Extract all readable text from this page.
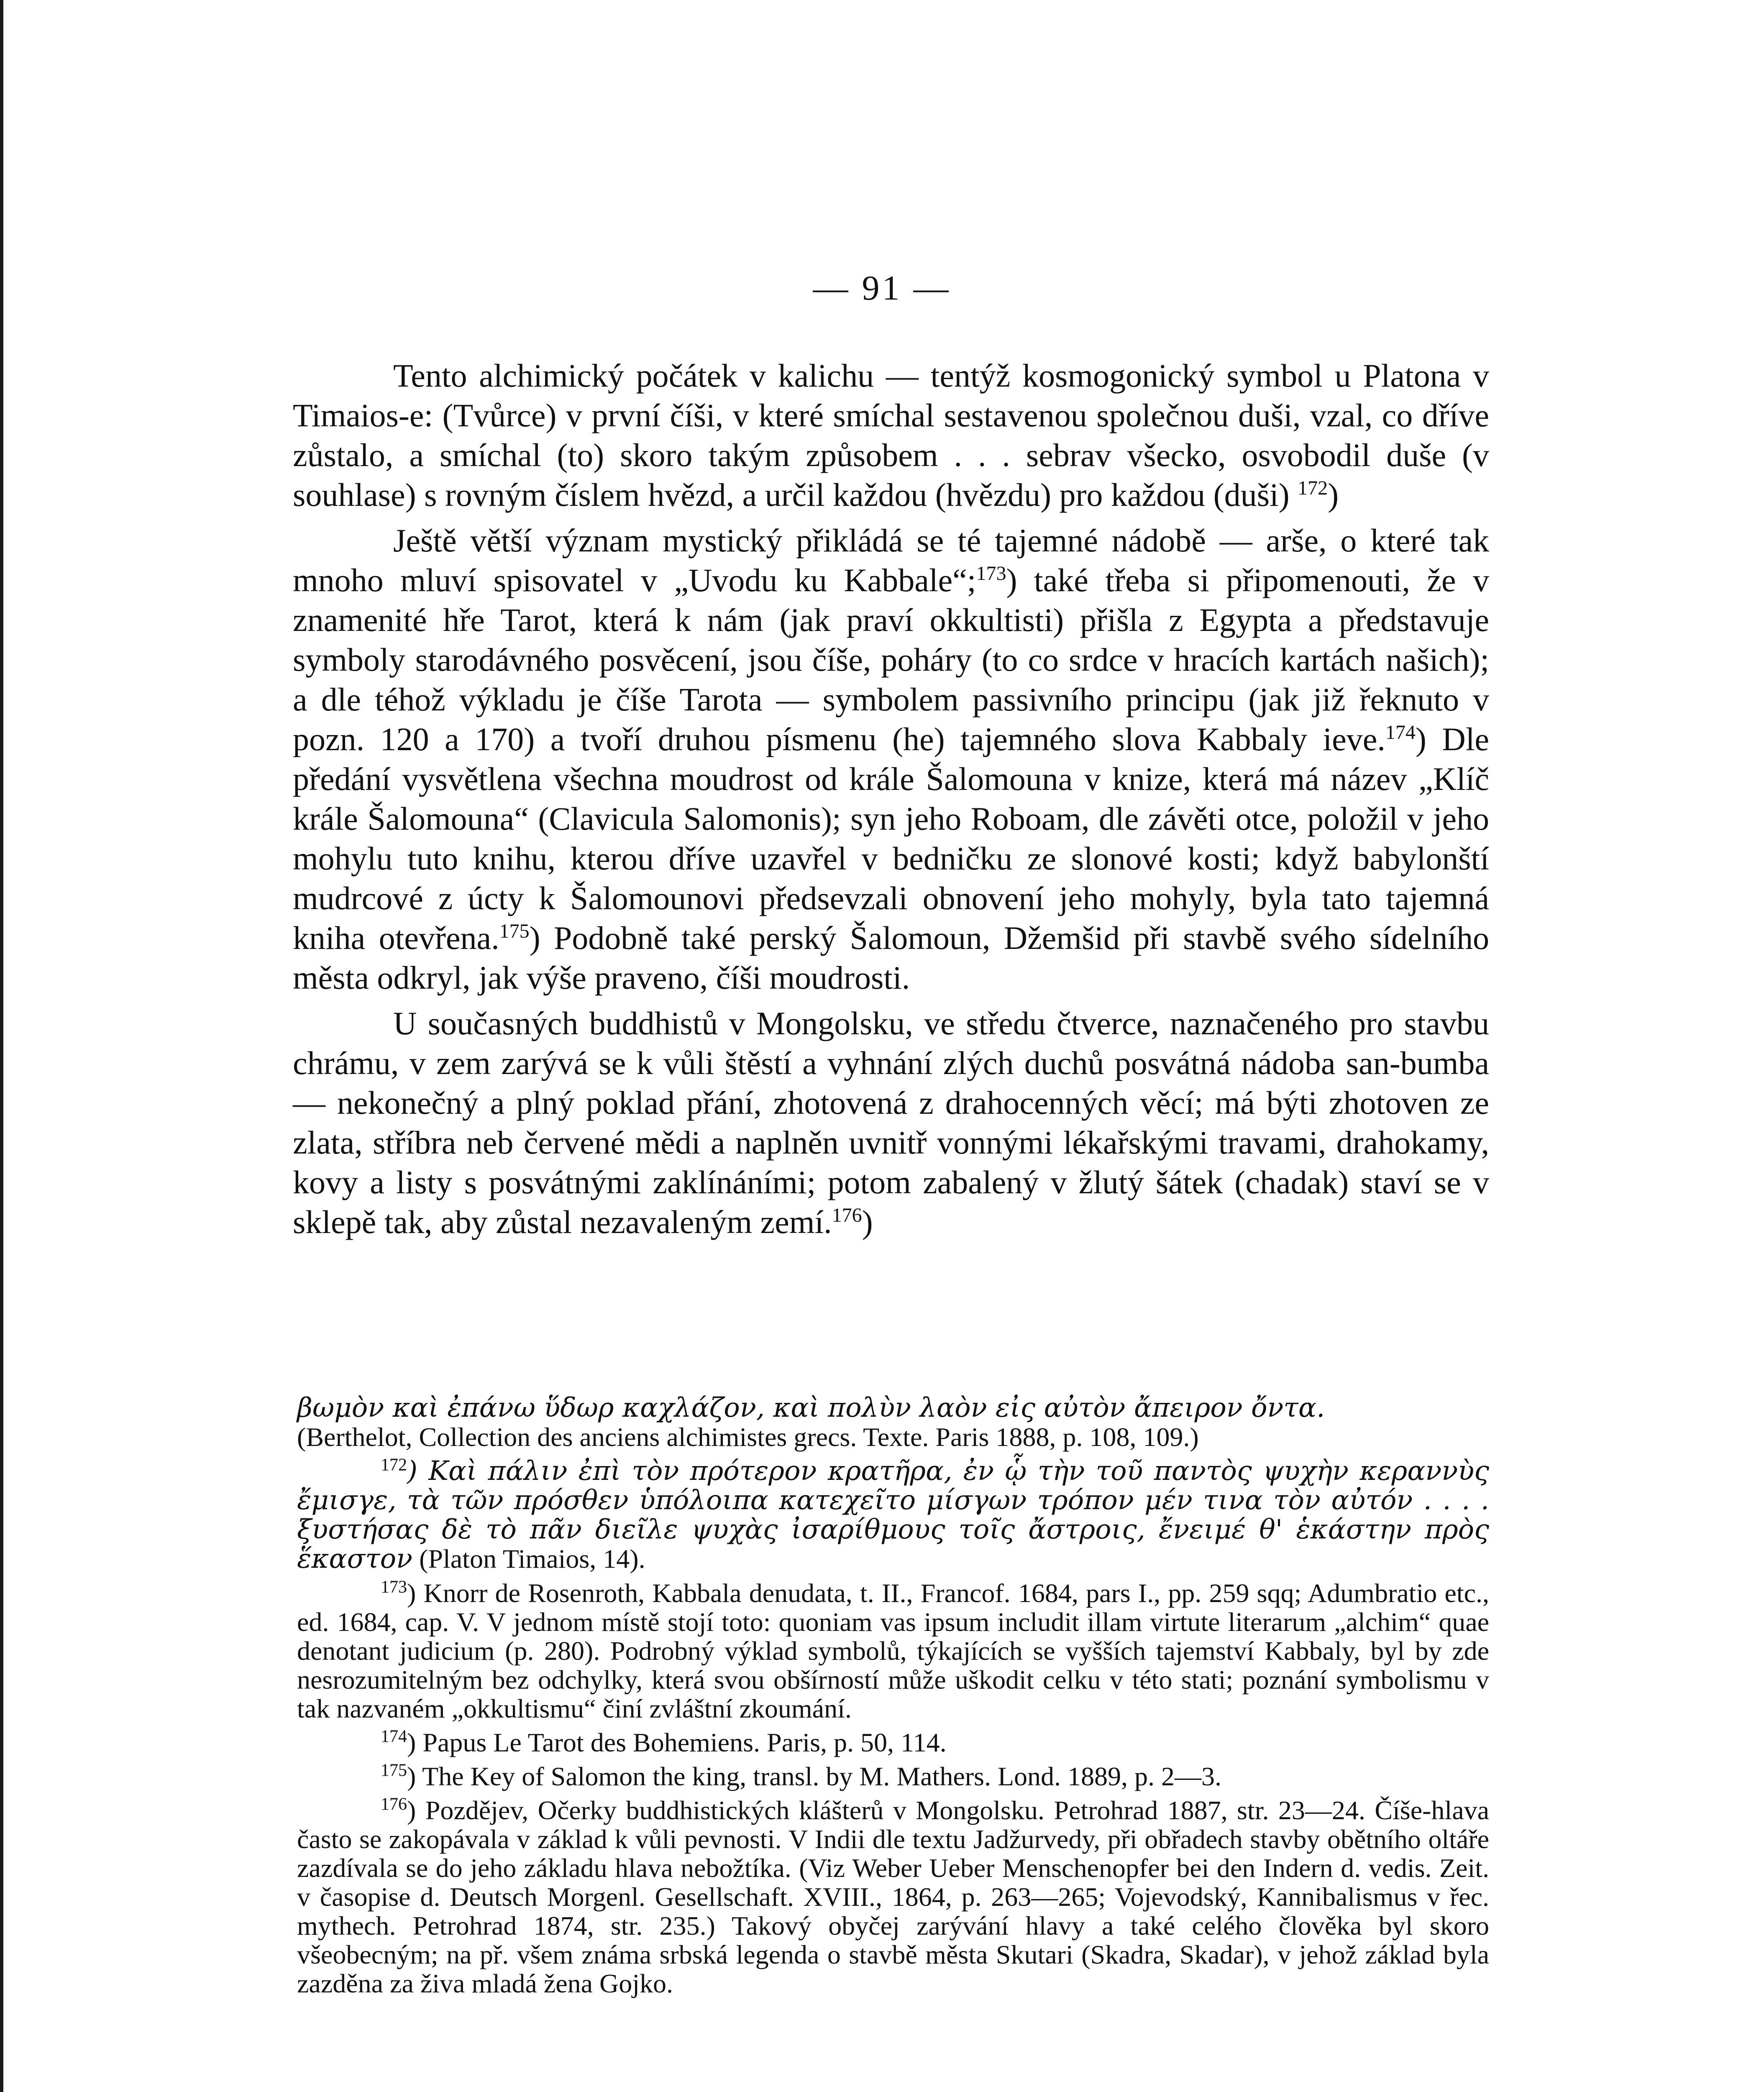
— 91 —

Tento alchimický počátek v kalichu — tentýž kosmogonický symbol u Platona v Timaios-e: (Tvůrce) v první číši, v které smíchal sestavenou společnou duši, vzal, co dříve zůstalo, a smíchal (to) skoro takým způsobem . . . sebrav všecko, osvobodil duše (v souhlase) s rovným číslem hvězd, a určil každou (hvězdu) pro každou (duši) $^{172}$)

Ještě větší význam mystický přikládá se té tajemné nádobě — arše, o které tak mnoho mluví spisovatel v „Uvodu ku Kabbale“;$^{173}$) také třeba si připomenouti, že v znamenité hře Tarot, která k nám (jak praví okkultisti) přišla z Egypta a představuje symboly starodávného posvěcení, jsou číše, poháry (to co srdce v hracích kartách našich); a dle téhož výkladu je číše Tarota — symbolem passivního principu (jak již řeknuto v pozn. 120 a 170) a tvoří druhou písmenu (he) tajemného slova Kabbaly ieve.$^{174}$) Dle předání vysvětlena všechna moudrost od krále Šalomouna v knize, která má název „Klíč krále Šalomouna“ (Clavicula Salomonis); syn jeho Roboam, dle závěti otce, položil v jeho mohylu tuto knihu, kterou dříve uzavřel v bedničku ze slonové kosti; když babylonští mudrcové z úcty k Šalomounovi předsevzali obnovení jeho mohyly, byla tato tajemná kniha otevřena.$^{175}$) Podobně také perský Šalomoun, Džemšid při stavbě svého sídelního města odkryl, jak výše praveno, číši moudrosti.

U současných buddhistů v Mongolsku, ve středu čtverce, naznačeného pro stavbu chrámu, v zem zarývá se k vůli štěstí a vyhnání zlých duchů posvátná nádoba san-bumba — nekonečný a plný poklad přání, zhotovená z drahocenných věcí; má býti zhotoven ze zlata, stříbra neb červené mědi a naplněn uvnitř vonnými lékařskými travami, drahokamy, kovy a listy s posvátnými zaklínáními; potom zabalený v žlutý šátek (chadak) staví se v sklepě tak, aby zůstal nezavaleným zemí.$^{176}$)

βωμὸν καὶ ἐπάνω ὕδωρ καχλάζον, καὶ πολὺν λαὸν εἰς αὐτὸν ἄπειρον ὄντα.
(Berthelot, Collection des anciens alchimistes grecs. Texte. Paris 1888, p. 108, 109.)

$^{172}$) Καὶ πάλιν ἐπὶ τὸν πρότερον κρατῆρα, ἐν ᾧ τὴν τοῦ παντὸς ψυχὴν κεραννὺς ἔμισγε, τὰ τῶν πρόσθεν ὑπόλοιπα κατεχεῖτο μίσγων τρόπον μέν τινα τὸν αὐτόν . . . . ξυστήσας δὲ τὸ πᾶν διεῖλε ψυχὰς ἰσαρίθμους τοῖς ἄστροις, ἔνειμέ θ' ἑκάστην πρὸς ἕκαστον (Platon Timaios, 14).

$^{173}$) Knorr de Rosenroth, Kabbala denudata, t. II., Francof. 1684, pars I., pp. 259 sqq; Adumbratio etc., ed. 1684, cap. V. V jednom místě stojí toto: quoniam vas ipsum includit illam virtute literarum „alchim“ quae denotant judicium (p. 280). Podrobný výklad symbolů, týkajících se vyšších tajemství Kabbaly, byl by zde nesrozumitelným bez odchylky, která svou obšírností může uškodit celku v této stati; poznání symbolismu v tak nazvaném „okkultismu“ činí zvláštní zkoumání.

$^{174}$) Papus Le Tarot des Bohemiens. Paris, p. 50, 114.

$^{175}$) The Key of Salomon the king, transl. by M. Mathers. Lond. 1889, p. 2—3.

$^{176}$) Pozdějev, Očerky buddhistických klášterů v Mongolsku. Petrohrad 1887, str. 23—24. Číše-hlava často se zakopávala v základ k vůli pevnosti. V Indii dle textu Jadžurvedy, při obřadech stavby obětního oltáře zazdívala se do jeho základu hlava nebožtíka. (Viz Weber Ueber Menschenopfer bei den Indern d. vedis. Zeit. v časopise d. Deutsch Morgenl. Gesellschaft. XVIII., 1864, p. 263—265; Vojevodský, Kannibalismus v řec. mythech. Petrohrad 1874, str. 235.) Takový obyčej zarývání hlavy a také celého člověka byl skoro všeobecným; na př. všem známa srbská legenda o stavbě města Skutari (Skadra, Skadar), v jehož základ byla zazděna za živa mladá žena Gojko.
